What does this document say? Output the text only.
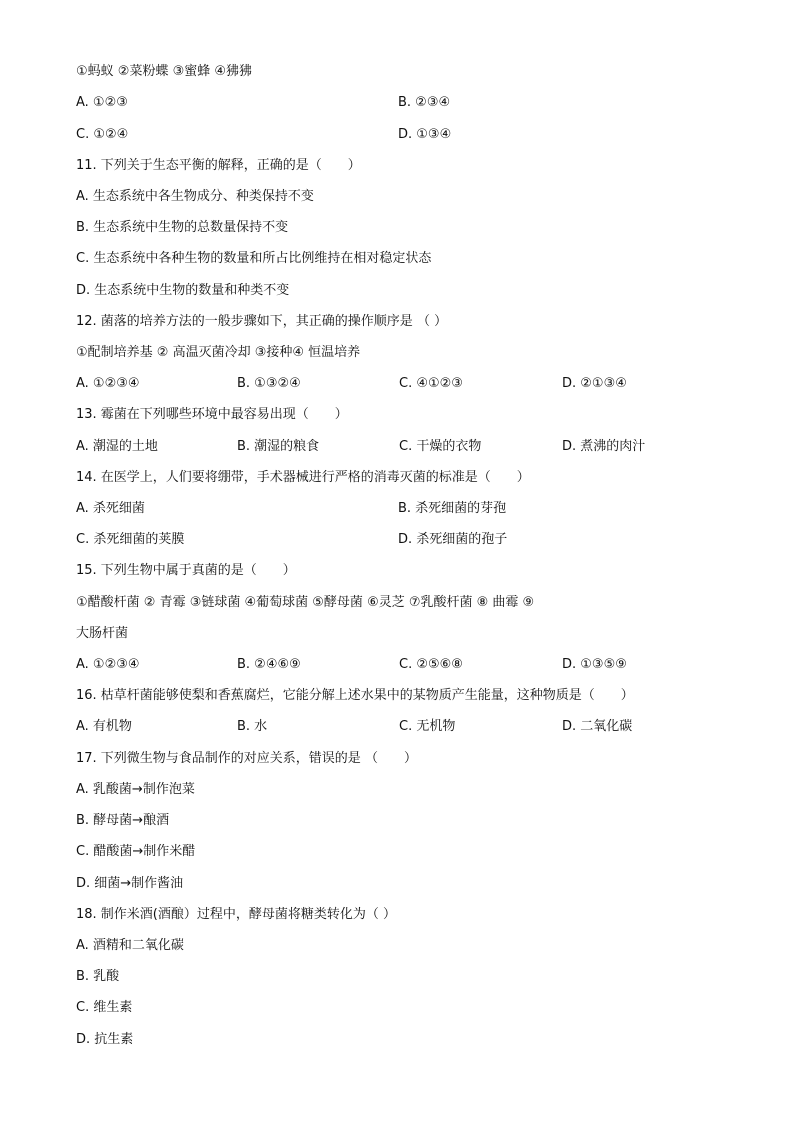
①蚂蚁 ②菜粉蝶 ③蜜蜂 ④狒狒
A. ①②③	B. ②③④
C. ①②④	D. ①③④
11. 下列关于生态平衡的解释，正确的是（　　）
A. 生态系统中各生物成分、种类保持不变
B. 生态系统中生物的总数量保持不变
C. 生态系统中各种生物的数量和所占比例维持在相对稳定状态
D. 生态系统中生物的数量和种类不变
12. 菌落的培养方法的一般步骤如下，其正确的操作顺序是 （ ）
①配制培养基 ② 高温灭菌冷却 ③接种④ 恒温培养
A. ①②③④	B. ①③②④	C. ④①②③	D. ②①③④
13. 霉菌在下列哪些环境中最容易出现（　　）
A. 潮湿的土地	B. 潮湿的粮食	C. 干燥的衣物	D. 煮沸的肉汁
14. 在医学上，人们要将绷带，手术器械进行严格的消毒灭菌的标准是（　　）
A. 杀死细菌	B. 杀死细菌的芽孢
C. 杀死细菌的荚膜	D. 杀死细菌的孢子
15. 下列生物中属于真菌的是（　　）
①醋酸杆菌 ② 青霉 ③链球菌 ④葡萄球菌 ⑤酵母菌 ⑥灵芝 ⑦乳酸杆菌 ⑧ 曲霉 ⑨
大肠杆菌
A. ①②③④	B. ②④⑥⑨	C. ②⑤⑥⑧	D. ①③⑤⑨
16. 枯草杆菌能够使梨和香蕉腐烂，它能分解上述水果中的某物质产生能量，这种物质是（　　）
A. 有机物	B. 水	C. 无机物	D. 二氧化碳
17. 下列微生物与食品制作的对应关系，错误的是 （　　）
A. 乳酸菌→制作泡菜
B. 酵母菌→酿酒
C. 醋酸菌→制作米醋
D. 细菌→制作酱油
18. 制作米酒(酒酿）过程中，酵母菌将糖类转化为（ ）
A. 酒精和二氧化碳
B. 乳酸
C. 维生素
D. 抗生素
